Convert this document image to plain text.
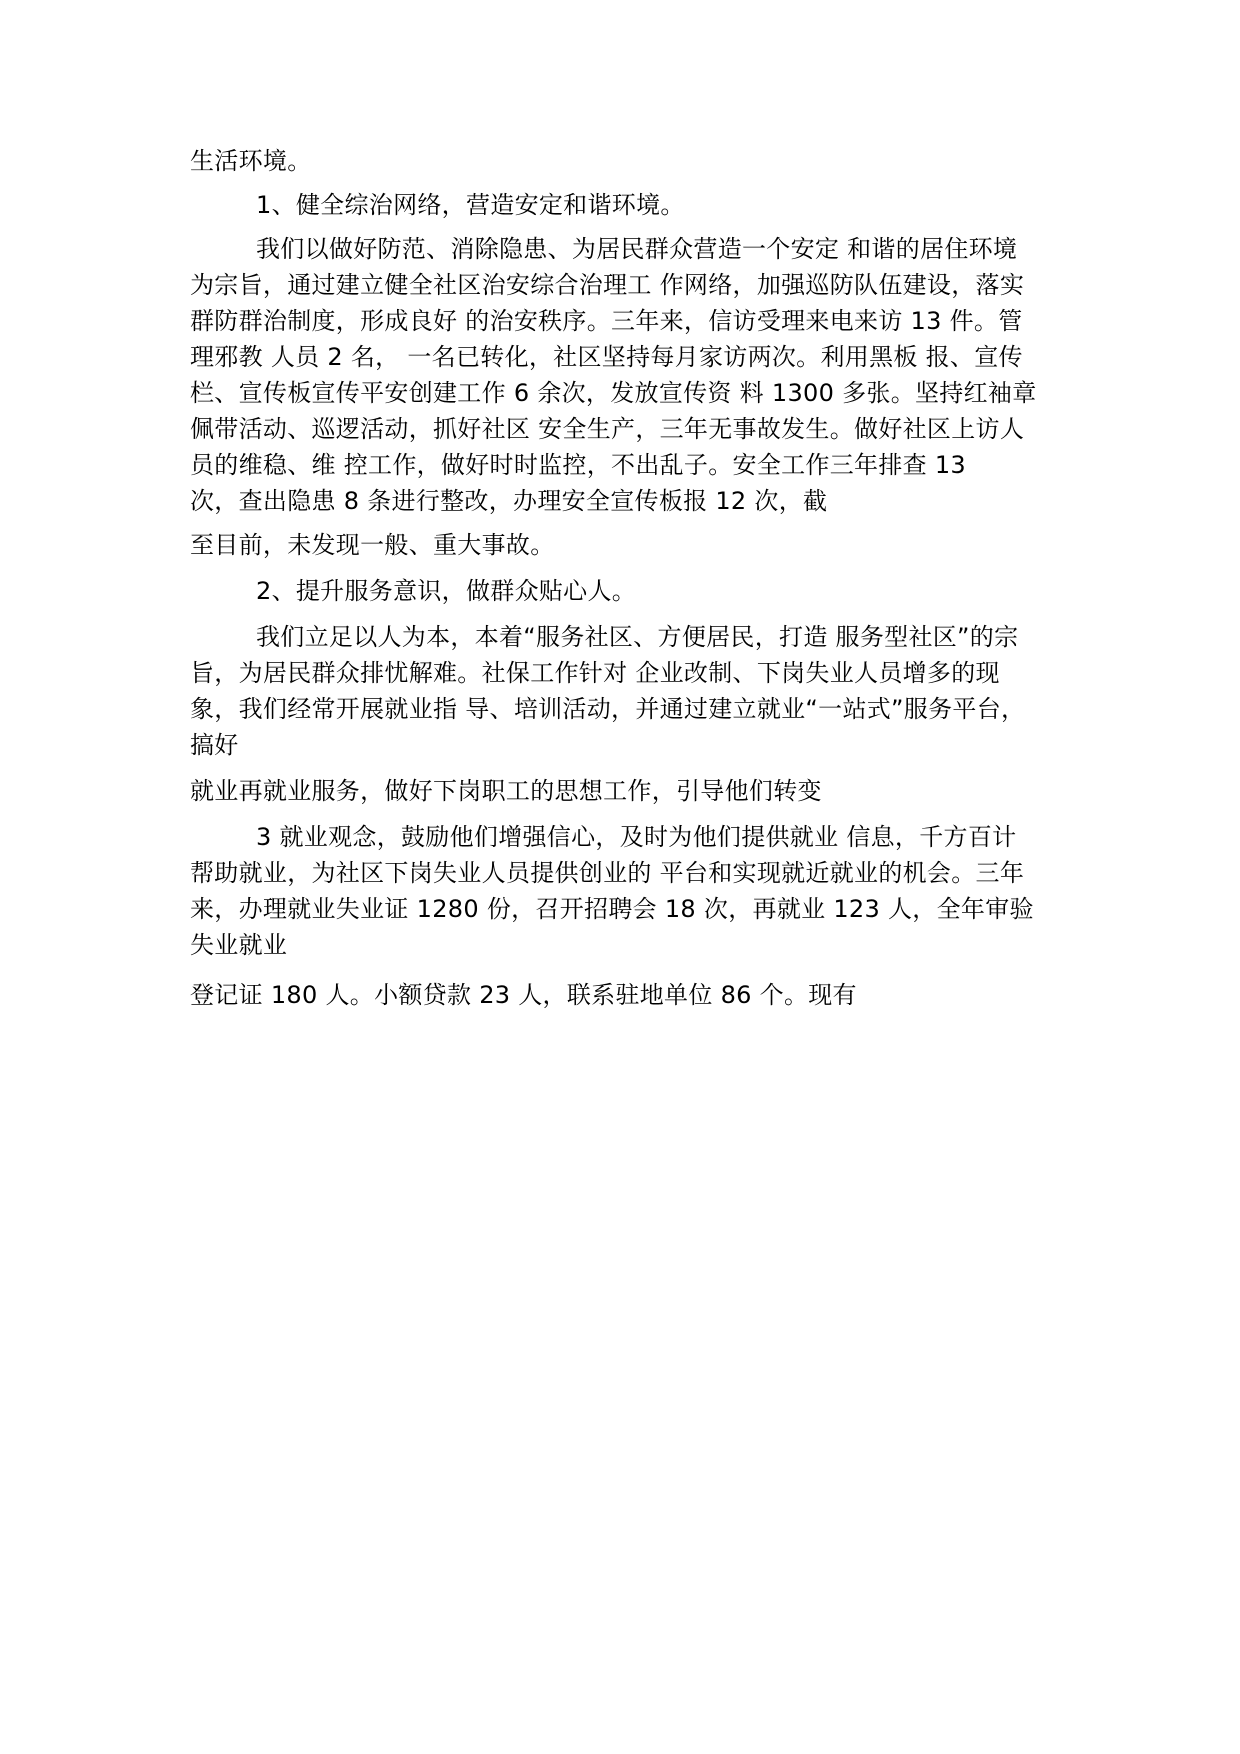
生活环境。
1、健全综治网络，营造安定和谐环境。
我们以做好防范、消除隐患、为居民群众营造一个安定 和谐的居住环境
为宗旨，通过建立健全社区治安综合治理工 作网络，加强巡防队伍建设，落实
群防群治制度，形成良好 的治安秩序。三年来，信访受理来电来访 13 件。管
理邪教 人员 2 名， 一名已转化，社区坚持每月家访两次。利用黑板 报、宣传
栏、宣传板宣传平安创建工作 6 余次，发放宣传资 料 1300 多张。坚持红袖章
佩带活动、巡逻活动，抓好社区 安全生产，三年无事故发生。做好社区上访人
员的维稳、维 控工作，做好时时监控，不出乱子。安全工作三年排查 13
次，查出隐患 8 条进行整改，办理安全宣传板报 12 次，截
至目前，未发现一般、重大事故。
2、提升服务意识，做群众贴心人。
我们立足以人为本，本着“服务社区、方便居民，打造 服务型社区”的宗
旨，为居民群众排忧解难。社保工作针对 企业改制、下岗失业人员增多的现
象，我们经常开展就业指 导、培训活动，并通过建立就业“一站式”服务平台，
搞好
就业再就业服务，做好下岗职工的思想工作，引导他们转变
3 就业观念，鼓励他们增强信心，及时为他们提供就业 信息，千方百计
帮助就业，为社区下岗失业人员提供创业的 平台和实现就近就业的机会。三年
来，办理就业失业证 1280 份，召开招聘会 18 次，再就业 123 人，全年审验
失业就业
登记证 180 人。小额贷款 23 人，联系驻地单位 86 个。现有
